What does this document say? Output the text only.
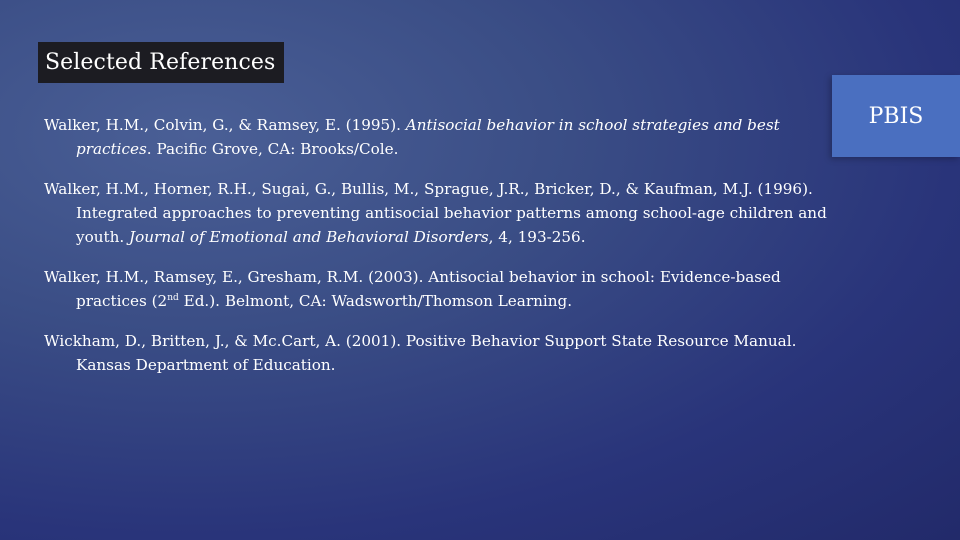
Selected References
PBIS

Walker, H.M., Colvin, G., & Ramsey, E. (1995). Antisocial behavior in school strategies and best practices. Pacific Grove, CA: Brooks/Cole.

Walker, H.M., Horner, R.H., Sugai, G., Bullis, M., Sprague, J.R., Bricker, D., & Kaufman, M.J. (1996). Integrated approaches to preventing antisocial behavior patterns among school-age children and youth. Journal of Emotional and Behavioral Disorders, 4, 193-256.

Walker, H.M., Ramsey, E., Gresham, R.M. (2003). Antisocial behavior in school: Evidence-based practices (2nd Ed.). Belmont, CA: Wadsworth/Thomson Learning.

Wickham, D., Britten, J., & Mc.Cart, A. (2001). Positive Behavior Support State Resource Manual. Kansas Department of Education.
